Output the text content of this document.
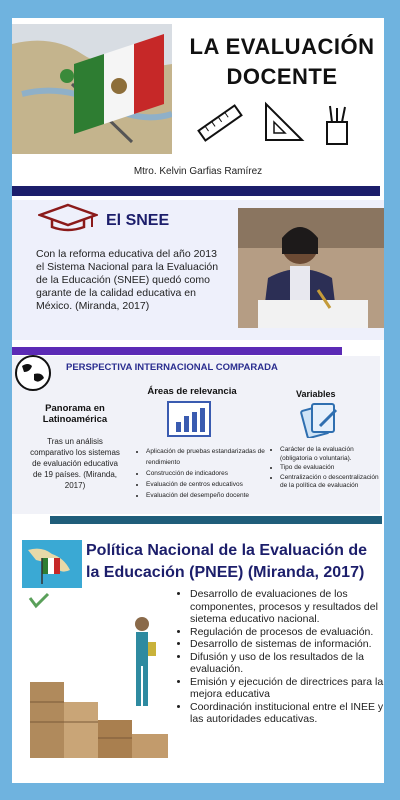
LA EVALUACIÓN
DOCENTE
Mtro. Kelvin Garfias Ramírez
El SNEE
Con la reforma educativa del año 2013 el Sistema Nacional para la Evaluación de la Educación (SNEE) quedó como garante de la calidad educativa en México. (Miranda, 2017)
PERSPECTIVA INTERNACIONAL COMPARADA
Panorama en Latinoamérica
Tras un análisis comparativo los sistemas de evaluación educativa de 19 países. (Miranda, 2017)
Áreas de relevancia
• Aplicación de pruebas estandarizadas de rendimiento
• Construcción de indicadores
• Evaluación de centros educativos
• Evaluación del desempeño docente
Variables
• Carácter de la evaluación (obligatoria o voluntaria).
• Tipo de evaluación
• Centralización o descentralización de la política de evaluación
Política Nacional de la Evaluación de la Educación (PNEE) (Miranda, 2017)
• Desarrollo de evaluaciones de los componentes, procesos y resultados del sietema educativo nacional.
• Regulación de procesos de evaluación.
• Desarrollo de sistemas de información.
• Difusión y uso de los resultados de la evaluación.
• Emisión y ejecución de directrices para la mejora educativa
• Coordinación institucional entre el INEE y las autoridades educativas.
